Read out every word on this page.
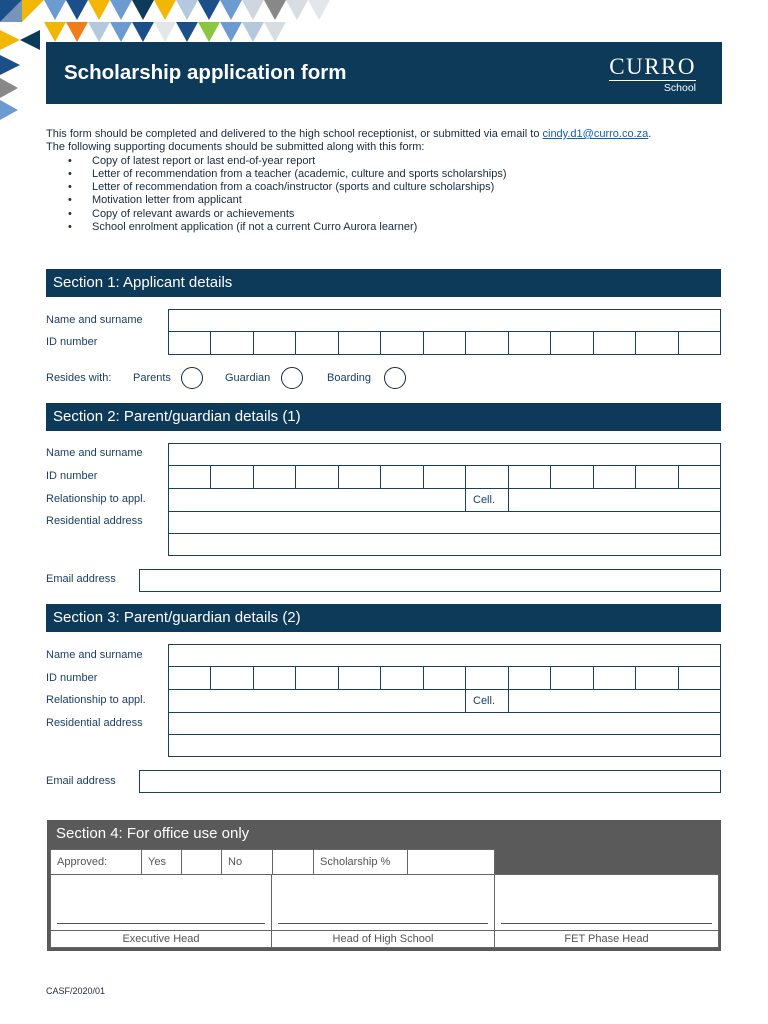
Scholarship application form	CURRO
School
This form should be completed and delivered to the high school receptionist, or submitted via email to cindy.d1@curro.co.za.
The following supporting documents should be submitted along with this form:
• Copy of latest report or last end-of-year report
• Letter of recommendation from a teacher (academic, culture and sports scholarships)
• Letter of recommendation from a coach/instructor (sports and culture scholarships)
• Motivation letter from applicant
• Copy of relevant awards or achievements
• School enrolment application (if not a current Curro Aurora learner)
Section 1: Applicant details
Name and surname
ID number
Resides with: Parents	Guardian	Boarding
Section 2: Parent/guardian details (1)
Name and surname
ID number
Relationship to appl.	Cell.
Residential address
Email address
Section 3: Parent/guardian details (2)
Name and surname
ID number
Relationship to appl.	Cell.
Residential address
Email address
Section 4: For office use only
Approved:	Yes	No	Scholarship %
Executive Head	Head of High School	FET Phase Head
CASF/2020/01
